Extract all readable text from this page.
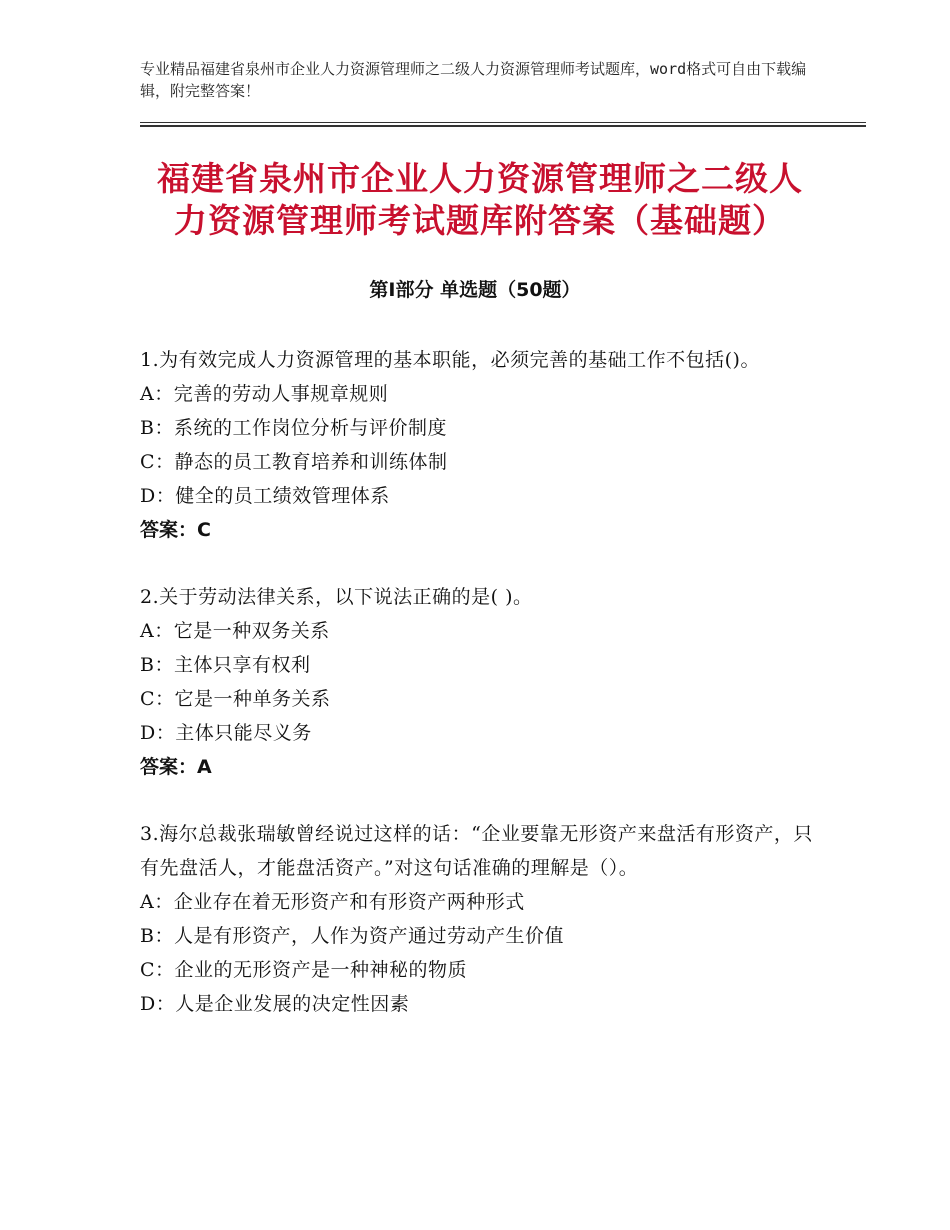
专业精品福建省泉州市企业人力资源管理师之二级人力资源管理师考试题库，word格式可自由下载编辑，附完整答案！
福建省泉州市企业人力资源管理师之二级人
力资源管理师考试题库附答案（基础题）
第Ⅰ部分 单选题（50题）
1.为有效完成人力资源管理的基本职能，必须完善的基础工作不包括()。
A：完善的劳动人事规章规则
B：系统的工作岗位分析与评价制度
C：静态的员工教育培养和训练体制
D：健全的员工绩效管理体系
答案：C
2.关于劳动法律关系，以下说法正确的是( )。
A：它是一种双务关系
B：主体只享有权利
C：它是一种单务关系
D：主体只能尽义务
答案：A
3.海尔总裁张瑞敏曾经说过这样的话：“企业要靠无形资产来盘活有形资产，只有先盘活人，才能盘活资产。”对这句话准确的理解是（）。
A：企业存在着无形资产和有形资产两种形式
B：人是有形资产，人作为资产通过劳动产生价值
C：企业的无形资产是一种神秘的物质
D：人是企业发展的决定性因素
